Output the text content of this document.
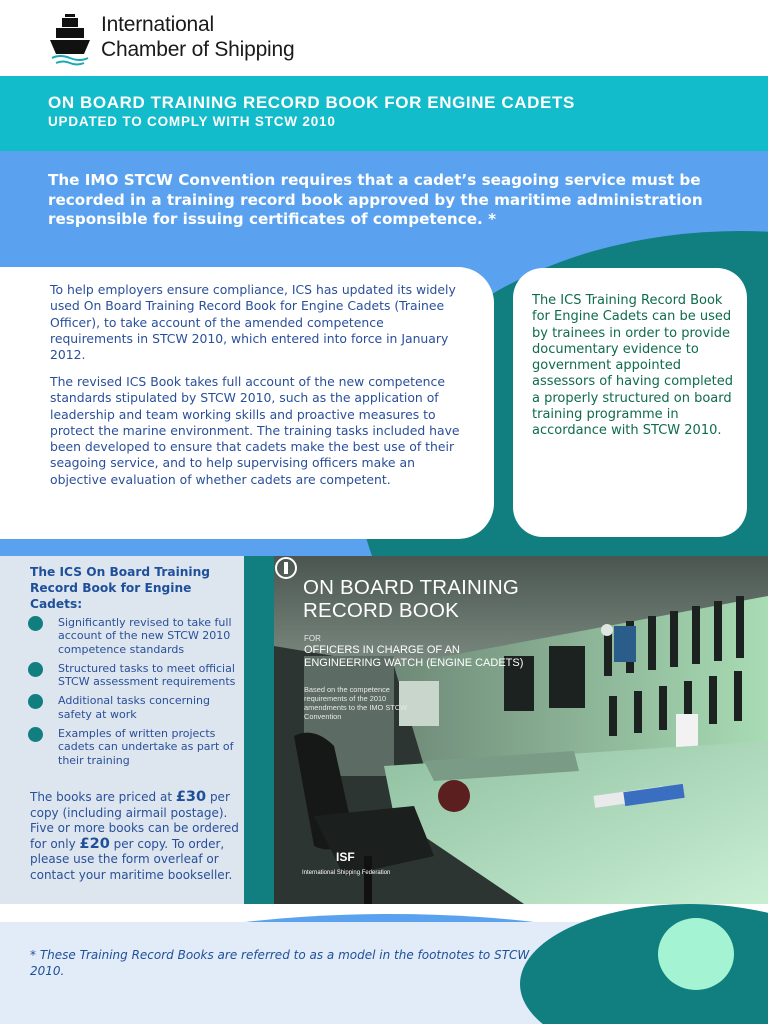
International
Chamber of Shipping
ON BOARD TRAINING RECORD BOOK FOR ENGINE CADETS
UPDATED TO COMPLY WITH STCW 2010
The IMO STCW Convention requires that a cadet’s seagoing service must be recorded in a training record book approved by the maritime administration responsible for issuing certificates of competence. *
To help employers ensure compliance, ICS has updated its widely used On Board Training Record Book for Engine Cadets (Trainee Officer), to take account of the amended competence requirements in STCW 2010, which entered into force in January 2012.
The revised ICS Book takes full account of the new competence standards stipulated by STCW 2010, such as the application of leadership and team working skills and proactive measures to protect the marine environment. The training tasks included have been developed to ensure that cadets make the best use of their seagoing service, and to help supervising officers make an objective evaluation of whether cadets are competent.
The ICS Training Record Book for Engine Cadets can be used by trainees in order to provide documentary evidence to government appointed assessors of having completed a properly structured on board training programme in accordance with STCW 2010.
The ICS On Board Training Record Book for Engine Cadets:
Significantly revised to take full account of the new STCW 2010 competence standards
Structured tasks to meet official STCW assessment requirements
Additional tasks concerning safety at work
Examples of written projects cadets can undertake as part of their training
The books are priced at £30 per copy (including airmail postage). Five or more books can be ordered for only £20 per copy. To order, please use the form overleaf or contact your maritime bookseller.
ON BOARD TRAINING
RECORD BOOK
FOR
OFFICERS IN CHARGE OF AN
ENGINEERING WATCH (ENGINE CADETS)
Based on the competence requirements of the 2010 amendments to the IMO STCW Convention
ISF
International Shipping Federation
* These Training Record Books are referred to as a model in the footnotes to STCW 2010.
